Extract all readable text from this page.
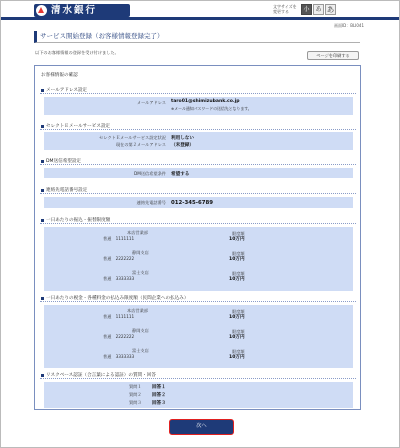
清水銀行	文字サイズを変更する	小 あ あ
画面ID：BLI041
サービス開始登録（お客様情報登録完了）
以下のお客様情報の登録を受け付けました。
ページを印刷する
お客様情報の確認
メールアドレス設定
メールアドレス taro01@shimizubank.co.jp
※メール通知パスワードの送信先となります。
セレクトＥメールサービス設定
セレクトＥメールサービス設定状況 利用しない
現在の第２メールアドレス （未登録）
DM送信希望設定
DM送信希望条件 希望する
連絡先電話番号設定
連絡先電話番号 012-345-6789
一日あたりの振込・振替限度額
本店営業部
普通　1111111
限度額
10万円
静岡支店
普通　2222222
限度額
10万円
富士支店
普通　3333333
限度額
10万円
一日あたりの税金・各種料金の払込み限度額（民間企業への払込み）
本店営業部
普通　1111111
限度額
10万円
静岡支店
普通　2222222
限度額
10万円
富士支店
普通　3333333
限度額
10万円
リスクベース認証（合言葉による認証）の質問・回答
質問１ 回答１
質問２ 回答２
質問３ 回答３
次へ
